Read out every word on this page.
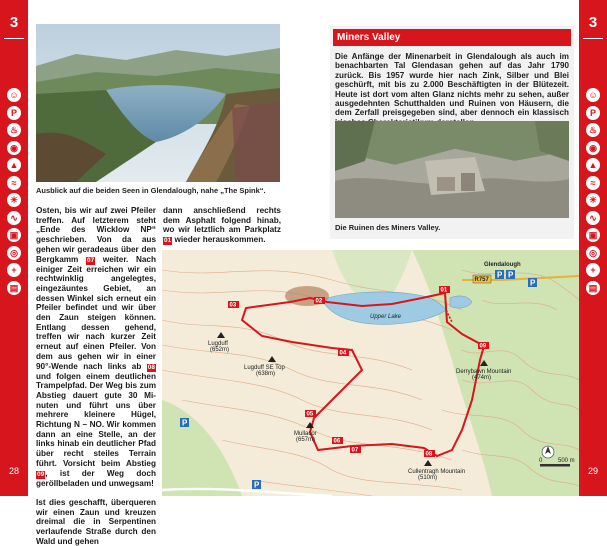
3
☺
P
♨
◉
▲
≈
☀
∿
▣
◎
+
▤
28
3
☺
P
♨
◉
▲
≈
☀
∿
▣
◎
+
▤
29
Ausblick auf die beiden Seen in Glendalough, nahe „The Spink“.
Osten, bis wir auf zwei Pfeiler treffen. Auf letzterem steht „Ende des Wicklow NP“ geschrieben. Von da aus gehen wir geradeaus über den Bergkamm 07 weiter. Nach einiger Zeit erreichen wir ein rechtwinklig angelegtes, eingezäuntes Gebiet, an dessen Winkel sich erneut ein Pfeiler befindet und wir über den Zaun steigen können. Entlang dessen gehend, treffen wir nach kurzer Zeit erneut auf einen Pfeiler. Von dem aus gehen wir in einer 90°-Wende nach links ab 08 und folgen einem deutlichen Trampelpfad. Der Weg bis zum Abstieg dauert gute 30 Minuten und führt uns über mehrere kleinere Hügel, Richtung N – NO. Wir kommen dann an eine Stelle, an der links hinab ein deutlicher Pfad über recht steiles Terrain führt. Vorsicht beim Abstieg 09, ist der Weg doch geröllbeladen und unwegsam!
Ist dies geschafft, überqueren wir einen Zaun und kreuzen dreimal die in Serpentinen verlaufende Straße durch den Wald und gehen
dann anschließend rechts dem Asphalt folgend hinab, wo wir letztlich am Parkplatz 01 wieder herauskommen.
Miners Valley
Die Anfänge der Minenarbeit in Glendalough als auch im benachbarten Tal Glendasan gehen auf das Jahr 1790 zurück. Bis 1957 wurde hier nach Zink, Silber und Blei geschürft, mit bis zu 2.000 Beschäftigten in der Blütezeit. Heute ist dort vom alten Glanz nichts mehr zu sehen, außer ausgedehnten Schutthalden und Ruinen von Häusern, die dem Zerfall preisgegeben sind, aber dennoch ein klassisch
Die Ruinen des Miners Valley.
01
02
03
04
05
06
07
08
09
P P
P
P
P
R757
Glendalough
Upper Lake
Lugduff
(652m)
Lugduff SE Top
(638m)	Derrybawn Mountain
(474m)
Mullacor
(657m)
Cullentragh Mountain
(510m)
0	500 m
